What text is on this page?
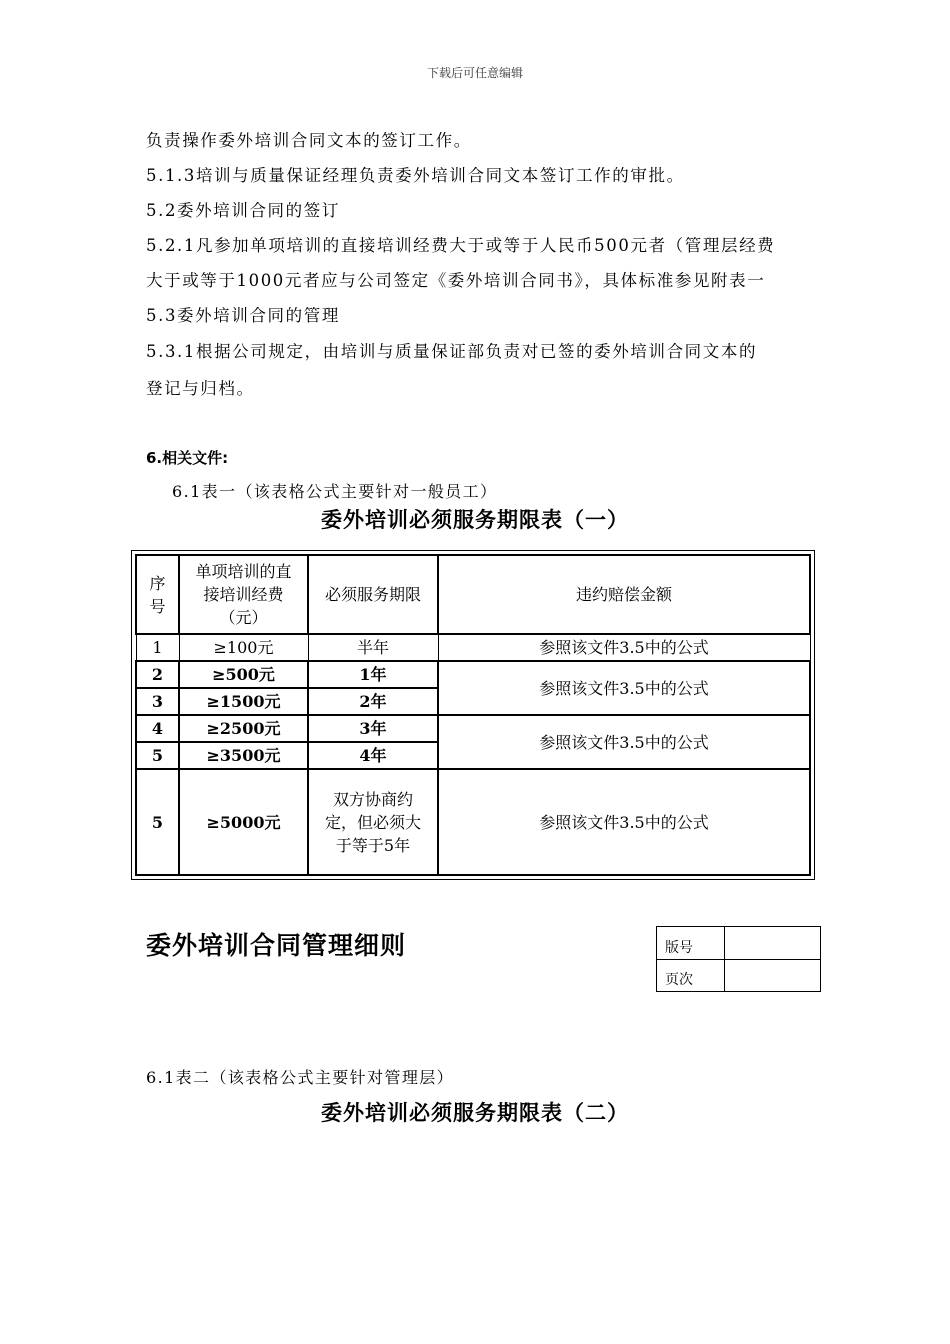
下载后可任意编辑
负责操作委外培训合同文本的签订工作。
5.1.3培训与质量保证经理负责委外培训合同文本签订工作的审批。
5.2委外培训合同的签订
5.2.1凡参加单项培训的直接培训经费大于或等于人民币500元者（管理层经费
大于或等于1000元者应与公司签定《委外培训合同书》，具体标准参见附表一
5.3委外培训合同的管理
5.3.1根据公司规定，由培训与质量保证部负责对已签的委外培训合同文本的
登记与归档。
6.相关文件:
6.1表一（该表格公式主要针对一般员工）
委外培训必须服务期限表（一）
序号	单项培训的直接培训经费（元）	必须服务期限	违约赔偿金额
1	≥100元	半年	参照该文件3.5中的公式
2	≥500元	1年	参照该文件3.5中的公式
3	≥1500元	2年	
4	≥2500元	3年	参照该文件3.5中的公式
5	≥3500元	4年	
5	≥5000元	双方协商约定，但必须大于等于5年	参照该文件3.5中的公式
委外培训合同管理细则	版号	
页次	
6.1表二（该表格公式主要针对管理层）
委外培训必须服务期限表（二）
